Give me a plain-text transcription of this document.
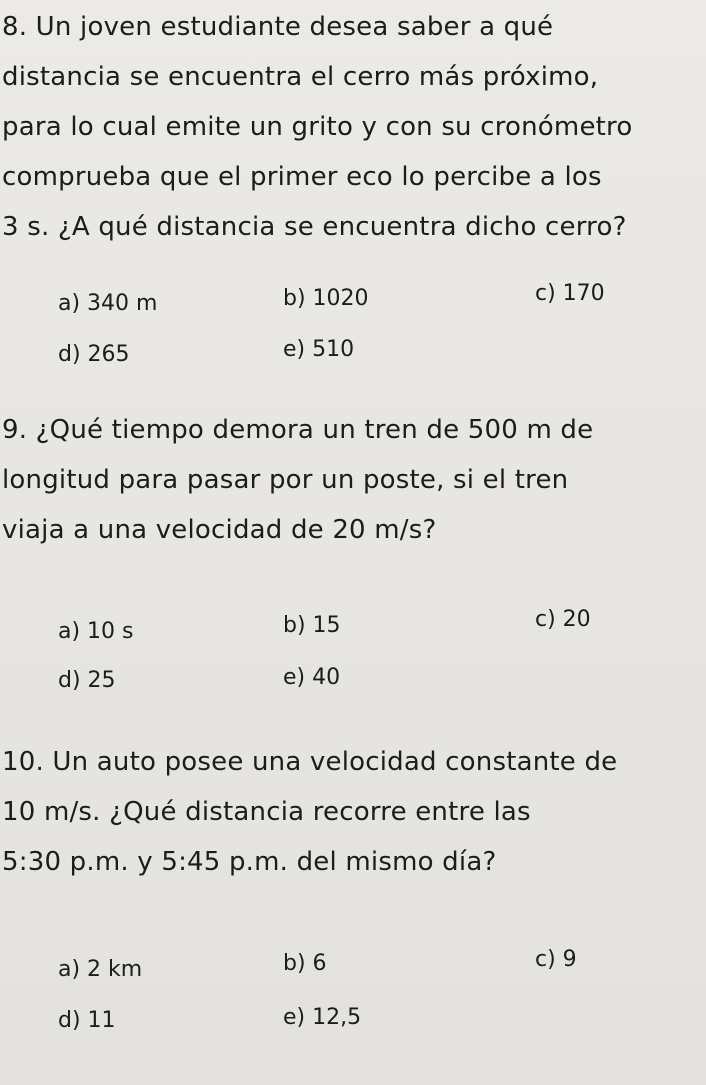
8. Un joven estudiante desea saber a qué
distancia se encuentra el cerro más próximo,
para lo cual emite un grito y con su cronómetro
comprueba que el primer eco lo percibe a los
3 s. ¿A qué distancia se encuentra dicho cerro?

a) 340 m	b) 1020	c) 170
d) 265	e) 510

9. ¿Qué tiempo demora un tren de 500 m de
longitud para pasar por un poste, si el tren
viaja a una velocidad de 20 m/s?

a) 10 s	b) 15	c) 20
d) 25	e) 40

10. Un auto posee una velocidad constante de
10 m/s. ¿Qué distancia recorre entre las
5:30 p.m. y 5:45 p.m. del mismo día?

a) 2 km	b) 6	c) 9
d) 11	e) 12,5
